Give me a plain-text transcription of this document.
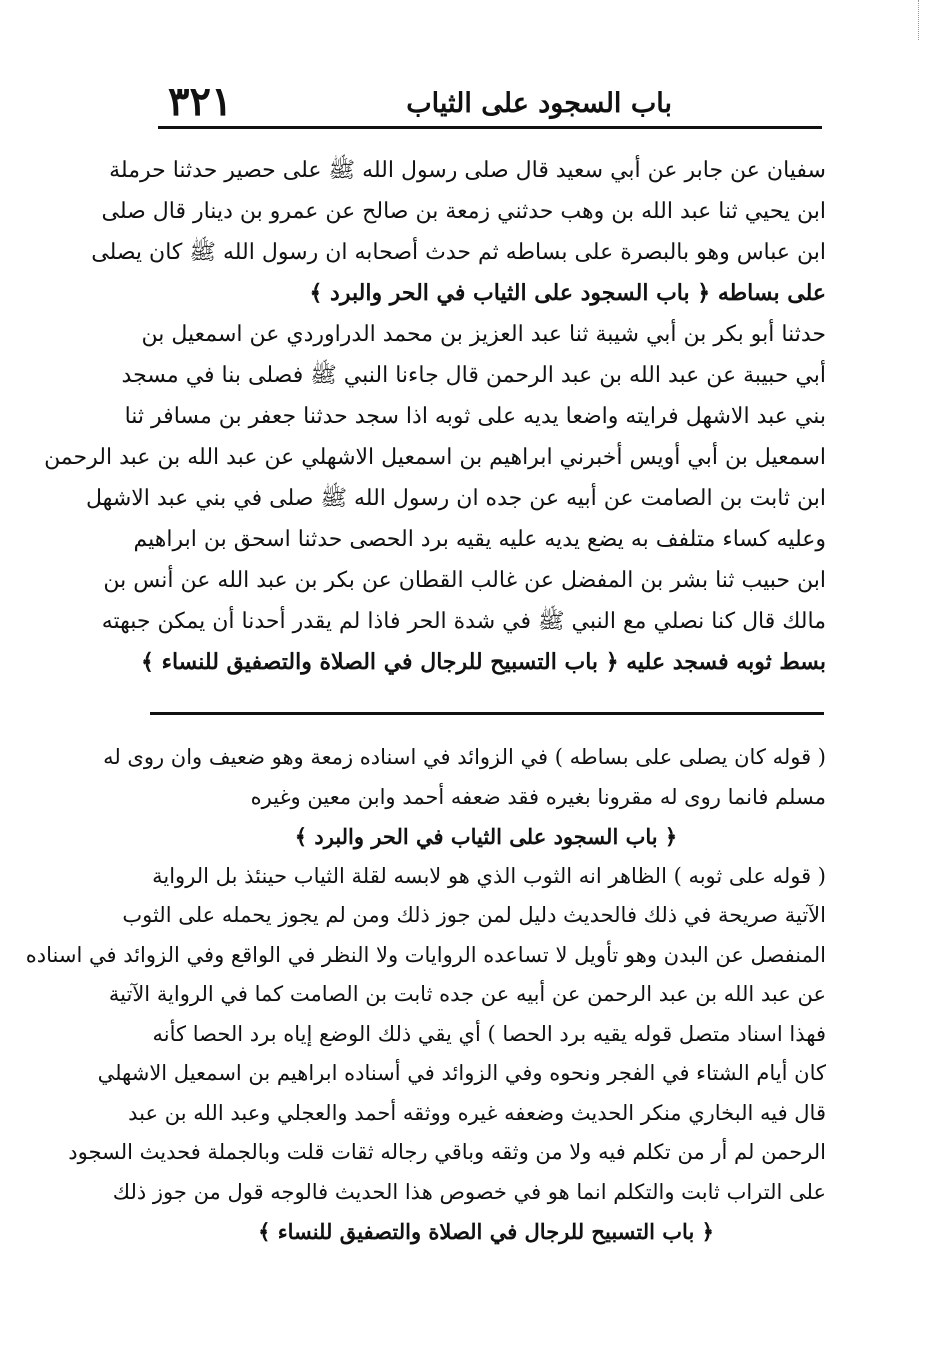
باب السجود على الثياب
٣٢١
سفيان عن جابر عن أبي سعيد قال صلى رسول الله ﷺ على حصير حدثنا حرملة
ابن يحيي ثنا عبد الله بن وهب حدثني زمعة بن صالح عن عمرو بن دينار قال صلى
ابن عباس وهو بالبصرة على بساطه ثم حدث أصحابه ان رسول الله ﷺ كان يصلى
على بساطه ﴿ باب السجود على الثياب في الحر والبرد ﴾
حدثنا أبو بكر بن أبي شيبة ثنا عبد العزيز بن محمد الدراوردي عن اسمعيل بن
أبي حبيبة عن عبد الله بن عبد الرحمن قال جاءنا النبي ﷺ فصلى بنا في مسجد
بني عبد الاشهل فرايته واضعا يديه على ثوبه اذا سجد حدثنا جعفر بن مسافر ثنا
اسمعيل بن أبي أويس أخبرني ابراهيم بن اسمعيل الاشهلي عن عبد الله بن عبد الرحمن
ابن ثابت بن الصامت عن أبيه عن جده ان رسول الله ﷺ صلى في بني عبد الاشهل
وعليه كساء متلفف به يضع يديه عليه يقيه برد الحصى حدثنا اسحق بن ابراهيم
ابن حبيب ثنا بشر بن المفضل عن غالب القطان عن بكر بن عبد الله عن أنس بن
مالك قال كنا نصلي مع النبي ﷺ في شدة الحر فاذا لم يقدر أحدنا أن يمكن جبهته
بسط ثوبه فسجد عليه ﴿ باب التسبيح للرجال في الصلاة والتصفيق للنساء ﴾
( قوله كان يصلى على بساطه ) في الزوائد في اسناده زمعة وهو ضعيف وان روى له
مسلم فانما روى له مقرونا بغيره فقد ضعفه أحمد وابن معين وغيره
﴿ باب السجود على الثياب في الحر والبرد ﴾
( قوله على ثوبه ) الظاهر انه الثوب الذي هو لابسه لقلة الثياب حينئذ بل الرواية
الآتية صريحة في ذلك فالحديث دليل لمن جوز ذلك ومن لم يجوز يحمله على الثوب
المنفصل عن البدن وهو تأويل لا تساعده الروايات ولا النظر في الواقع وفي الزوائد في اسناده
عن عبد الله بن عبد الرحمن عن أبيه عن جده ثابت بن الصامت كما في الرواية الآتية
فهذا اسناد متصل قوله يقيه برد الحصا ) أي يقي ذلك الوضع إياه برد الحصا كأنه
كان أيام الشتاء في الفجر ونحوه وفي الزوائد في أسناده ابراهيم بن اسمعيل الاشهلي
قال فيه البخاري منكر الحديث وضعفه غيره ووثقه أحمد والعجلي وعبد الله بن عبد
الرحمن لم أر من تكلم فيه ولا من وثقه وباقي رجاله ثقات قلت وبالجملة فحديث السجود
على التراب ثابت والتكلم انما هو في خصوص هذا الحديث فالوجه قول من جوز ذلك
﴿ باب التسبيح للرجال في الصلاة والتصفيق للنساء ﴾
